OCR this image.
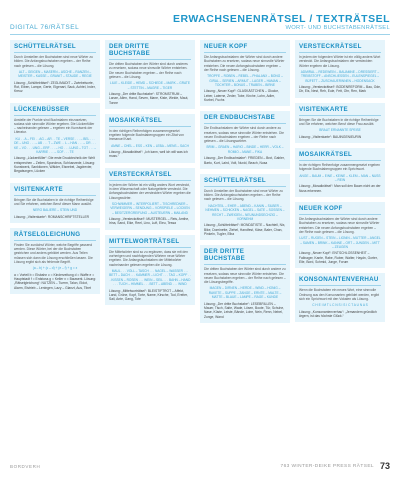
DIGITAL 76/RÄTSEL
ERWACHSENENRÄTSEL / TEXTRÄTSEL
WORT- UND BUCHSTABENRÄTSEL
SCHÜTTELRÄTSEL
Durch Umstellen der Buchstaben sind neue Wörter zu bilden. Die Anfangsbuchstaben ergeben – der Reihe nach gelesen – die Lösung.
ALT – GEIGEN – MASERN – ASCHE – RANZEN – MEISTER – KASSE – GRANIT – STAUDE – REGIE
Lösung: „Schüttelrätsel“: ZEGLIMADIT – Zwiebelsorte, Rot, Eiben, Lampe, Gerte, Eigenart, Sack, Achtel, Inder, Kreuz
LÜCKENBÜSSER
Anstelle der Punkte sind Buchstaben einzusetzen, sodass sich sinnvolle Wörter ergeben. Die Lückenfüller – nacheinander gelesen – ergeben ein Kunstwerk der Literatur.
KLI . . A – FEI . . AG – AR . . TE – VERSE . . . – BEL . . . DE – UNG . . . – AB . . . T – ZWE . . L – HAN . . . – DR . . . KE – VO . . . UNG – ERF . . . – HO . . . LUNG – TOT . . . – KARRIE . . . – SOF . . . TE
Lösung: „Lückenfüller“: Die erste Drucktechnik der Welt entsprechen – Zeilen, Spondeus, Schlussrede, Lösung: Kunstwerk, Sanktionen, Wälder, Eisnebel, Jagdrevier, Begabungen, Lücken
VISITENKARTE
Bringen Sie die Buchstaben in die richtige Reihenfolge und Sie erfahren, welchen Beruf dieser Mann ausübt.
NERO BALIERE – STEIN UND
Lösung: „Visitenkarte“: ROMANSCHRIFTSTELLER
RÄTSELGLEICHUNG
Finden Sie zunächst Wörter, welche Begriffe passend werden. Diese Wörter, bei der die Buchstaben gestrichen und anders gebildet werden. Aus Teilen müssen sich dann die Lösung erschließen lassen. Die Lösung ergibt sich als fehlende Begriff.
(a – b) + (c – d) + (e – f) + g = x
a = Vorteil b = Eisbahn c = Kinderzeitung d = Waffe e = Hauptstadt f = Erdstoss g = Keller x = Bauwerk. Lösung: „Rätselgleichung“: NUTZEN – Tuerm, Talon, Eidot, Alarm, Eistrieb – Leningen, Lazy – Glanzt, Aus, Tibet
DER DRITTE BUCHSTABE
Die dritten Buchstaben der Wörter sind durch anderes zu ersetzen, sodass neue sinnvolle Wörter entstehen. Die neuen Buchstaben ergeben – der Reihe nach gelesen – die Lösung.
LILIE – KLEIDE – HEMD – SCHIEDE – MARK – GRATE – STETTIN – MAGRE – TIGER
Lösung: „Der dritte Buchstabe“: STROMSTRUM – Lanze, Allen, Hand, Seven, Mane, Kiste, Weide, Maut, Tonne
MOSAIKRÄTSEL
In den richtigen Reihenfolgen zusammengesetzt ergeben folgende Buchstabengruppen ein Zitat von Immanuel Kant.
AMNE – CHEL – ESS – KEN – LEBA – MENS – SACH
Lösung: „Mosaikrätsel“: „Ich kann, weil ich will was ich muss.“
VERSTECKRÄTSEL
In jedem der Wörter ist ein völlig anders Wort versteckt, in dem Wissenschaft oder Naturgebiete versteckt. Die Anfangsbuchstaben der versteckten Wörter ergeben die Lösungswörter.
SCHWIMMER – INTERPOLIERT – TISCHREDNER – VERWEIGERN – SENDUNG – VORSPIELE – LOCKEN – BESITZERGREIFUNG – AUSTEUERN – MAILAND
Lösung: „Versteckrätsel“: MUSTERGEL – Reis, Amthe, Irina, Sand, Eike, Reel, Lino, Luft, Eleu, Tessa
MITTELWORTRÄTSEL
Die Mittelwörter sind so zu ergänzen, dass sie mit den vorherigen und nachfolgenden Wörtern neue Wörter ergeben. Die Anfangsbuchstaben der Mittelwörter nacheinander gelesen ergeben die Lösung.
MAUL . . . VOLL – TASCH . . . NAGEL – WASSER . . . BETT – DACH . . . KAMMER – LICHT . . . TAG – KOPF . . . KISSEN – ROSEN . . . WEIN – SEIL . . . BAHN – HAND . . . TUCH – HIMMEL . . . BETT – ABEND . . . WIND
Lösung: „Mittelworträtsel“: BLEISTIFTROT – Affekt, Land, Grüne, Kopf, Torte, Name, Kirsche, Tod, Ereiter, Sail, Ante, Gang, Tote
NEUER KOPF
Die Anfangsbuchstaben der Wörter sind durch andere Buchstaben zu ersetzen, sodass neue sinnvolle Wörter entstehen. Die neuen Anfangsbuchstaben ergeben – der Reihe nach gelesen – die Lösung.
TROPFE – ROBEN – REBEL – PHALANX – BONG – GIRAL – SERIEN – ARMUT – LAGER – HAMAN – TOCHTER – BONUS – TRABEN – BIRNE
Lösung: „Neuer Kopf“: GLASKÄSTCHEN – Glocke, Leber, Laterne, Zeder, Tobe, Kirche, Lohn, Adler, Kurbel, Fuchs
DER ENDBUCHSTABE
Die Endbuchstaben der Wörter sind durch andere zu ersetzen, sodass neue sinnvolle Wörter entstehen. Die neuen Endbuchstaben ergeben – der Reihe nach gelesen – die Lösungswörter.
BRIM – GRAEN – HARIO – BINDE – HERR – VOLK – ROMIO – MANE – FIKA
Lösung: „Der Endbuchstabe“: FRIEDEN – Brot, Gabler, Barto, Kurt, Laird, Volt, Nuvid, Beach, Nusa
SCHÜTTELRÄTSEL
Durch Umstellen der Buchstaben sind neue Wörter zu bilden. Die Anfangsbuchstaben ergeben – der Reihe nach gelesen – die Lösung.
NACHTEIL – EHER – ABEND – KANIN – SILBER – NEHMEN – SCHICKEN – NAGEL – SATE – SOSSEN – RECHT – ZWEIGEN – NEUNUNDSECHZIG – VORNEHM
Lösung: „Schüttelrätsel“: MONDÄTISTE – Nachteil, Nix, Bike, Dominette, Ziehel, Handfest, Käse, Baler, Chan, Pinkeln, Tugler, Elba
DER DRITTE BUCHSTABE
Die dritten Buchstaben der Wörter sind durch andere zu ersetzen, sodass neue sinnvolle Wörter entstehen. Die neuen Buchstaben ergeben – der Reihe nach gelesen – die Lösungsbegriffe.
MAGEN – DIRNEN – HERDE – WIND – HONIG – RAKETE – SUPPE – ZANGE – ERNTE – MALTE – MATTE – BLAUE – LAMPE – RAGE – KUNDE
Lösung: „Der dritte Buchstabe“: LESEBRILLEN – Mauer, Tisch, Saite, Wade, Lösen, Boote, Tür, Schuhe, Nase, Küste, Leiste, Bände, Loire, Nein, Renn, Nebel, Zunge, Wand
VERSTECKRÄTSEL
In jedem der folgenden Wörter ist ein völlig anders Wort versteckt. Die Anfangsbuchstaben der versteckten Wörter ergeben die Lösung.
ADMIRAL – REDEWEIN – BAUAMNE – DRESSIERT – TREIBSTOFF – ANSCHLIESSEN – EULENSPIEGEL – BÜFETT – ZUSCHAUERINNEN – HODENSACK
Lösung: „Versteckrätsel“: BODENREFORM – Bau, Ode, Dir, Eis, Nest, Reh, Eule, Fett, Ohr, Ren, Mark
VISITENKARTE
Bringen Sie die Buchstaben in die richtige Reihenfolge und Sie erfahren, welchen Beruf diese Frau ausübt.
BRAUT ERNANNTE SPEISE
Lösung: „Visitenkarte“: BAUINGENIEURIN
MOSAIKRÄTSEL
In der richtigen Reihenfolge zusammengesetzt ergeben folgende Buchstabengruppen ein Sprichwort.
ANGE – BAUM – EINE – KEINE – KLEM – MAN – NUSS – REIN
Lösung: „Mosaikrätsel“: Man soll den Baum nicht an der Nuss erkennen.
NEUER KOPF
Die Anfangsbuchstaben der Wörter sind durch andere Buchstaben zu ersetzen, sodass neue sinnvolle Wörter entstehen. Die neuen Anfangsbuchstaben ergeben – der Reihe nach gelesen – die Lösung.
LUST – RUGEN – STEIN – LIGNIN – MUTTER – ANGEL – SAMEN – BRINK – KANNE – ORT – JUNGEN – MITT – ZEUGEN
Lösung: „Neuer Kopf“: ENTSCHLOSSENHEIT – Fallnager, Kante, Rabe, Ruber, Walter, Haydn, Gorter, Elle, Bord, Schmid, Junge, Forum
KONSONANTENVERHAU
Wenn die Buchstaben ein neues Wort, eine sinnvolle Ordnung aus den Konsonanten gebildet werden, ergibt sich ein Sprichwort mit den Vokalen als Lösung.
C H E I M T L C N S I S I C T A U N A S
Lösung: „Konsonantenverhau“: „Jemandem gründlich ärgern, ist das höchste Glück.“
BORDVERH	763 WINTER-DEIKE PRESS RÄTSEL 73
